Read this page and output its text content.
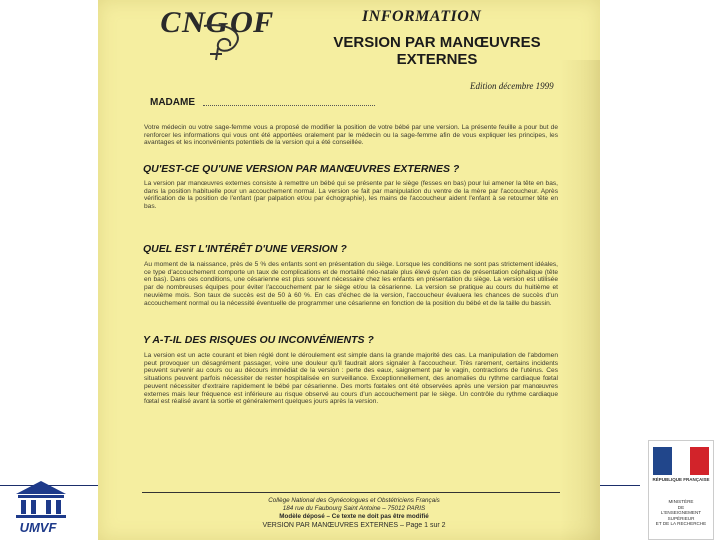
CNGOF	INFORMATION
VERSION PAR MANŒUVRES
EXTERNES
Edition décembre 1999
MADAME
Votre médecin ou votre sage-femme vous a proposé de modifier la position de votre bébé par une version. La présente feuille a pour but de renforcer les informations qui vous ont été apportées oralement par le médecin ou la sage-femme afin de vous expliquer les principes, les avantages et les inconvénients potentiels de la version qui a été conseillée.
QU'EST-CE QU'UNE VERSION PAR MANŒUVRES EXTERNES ?
La version par manœuvres externes consiste à remettre un bébé qui se présente par le siège (fesses en bas) pour lui amener la tête en bas, dans la position habituelle pour un accouchement normal. La version se fait par manipulation du ventre de la mère par l'accoucheur. Après vérification de la position de l'enfant (par palpation et/ou par échographie), les mains de l'accoucheur aident l'enfant à se retourner tête en bas.
QUEL EST L'INTÉRÊT D'UNE VERSION ?
Au moment de la naissance, près de 5 % des enfants sont en présentation du siège. Lorsque les conditions ne sont pas strictement idéales, ce type d'accouchement comporte un taux de complications et de mortalité néo-natale plus élevé qu'en cas de présentation céphalique (tête en bas). Dans ces conditions, une césarienne est plus souvent nécessaire chez les enfants en présentation du siège. La version est utilisée par de nombreuses équipes pour éviter l'accouchement par le siège et/ou la césarienne. La version se pratique au cours du huitième et neuvième mois. Son taux de succès est de 50 à 60 %. En cas d'échec de la version, l'accoucheur évaluera les chances de succès d'un accouchement normal ou la nécessité éventuelle de programmer une césarienne en fonction de la position du bébé et de la taille du bassin.
Y A-T-IL DES RISQUES OU INCONVÉNIENTS ?
La version est un acte courant et bien réglé dont le déroulement est simple dans la grande majorité des cas. La manipulation de l'abdomen peut provoquer un désagrément passager, voire une douleur qu'il faudrait alors signaler à l'accoucheur. Très rarement, certains incidents peuvent survenir au cours ou au décours immédiat de la version : perte des eaux, saignement par le vagin, contractions de l'utérus. Ces situations peuvent parfois nécessiter de rester hospitalisée en surveillance. Exceptionnellement, des anomalies du rythme cardiaque fœtal peuvent nécessiter d'extraire rapidement le bébé par césarienne. Des morts fœtales ont été observées après une version par manœuvres externes mais leur fréquence est inférieure au risque observé au cours d'un accouchement par le siège. Un contrôle du rythme cardiaque fœtal est réalisé avant la sortie et généralement quelques jours après la version.
Collège National des Gynécologues et Obstétriciens Français
184 rue du Faubourg Saint Antoine – 75012 PARIS
Modèle déposé – Ce texte ne doit pas être modifié
VERSION PAR MANŒUVRES EXTERNES – Page 1 sur 2
UMVF
RÉPUBLIQUE FRANÇAISE
MINISTÈRE
DE
L'ENSEIGNEMENT
SUPÉRIEUR
ET DE LA RECHERCHE
